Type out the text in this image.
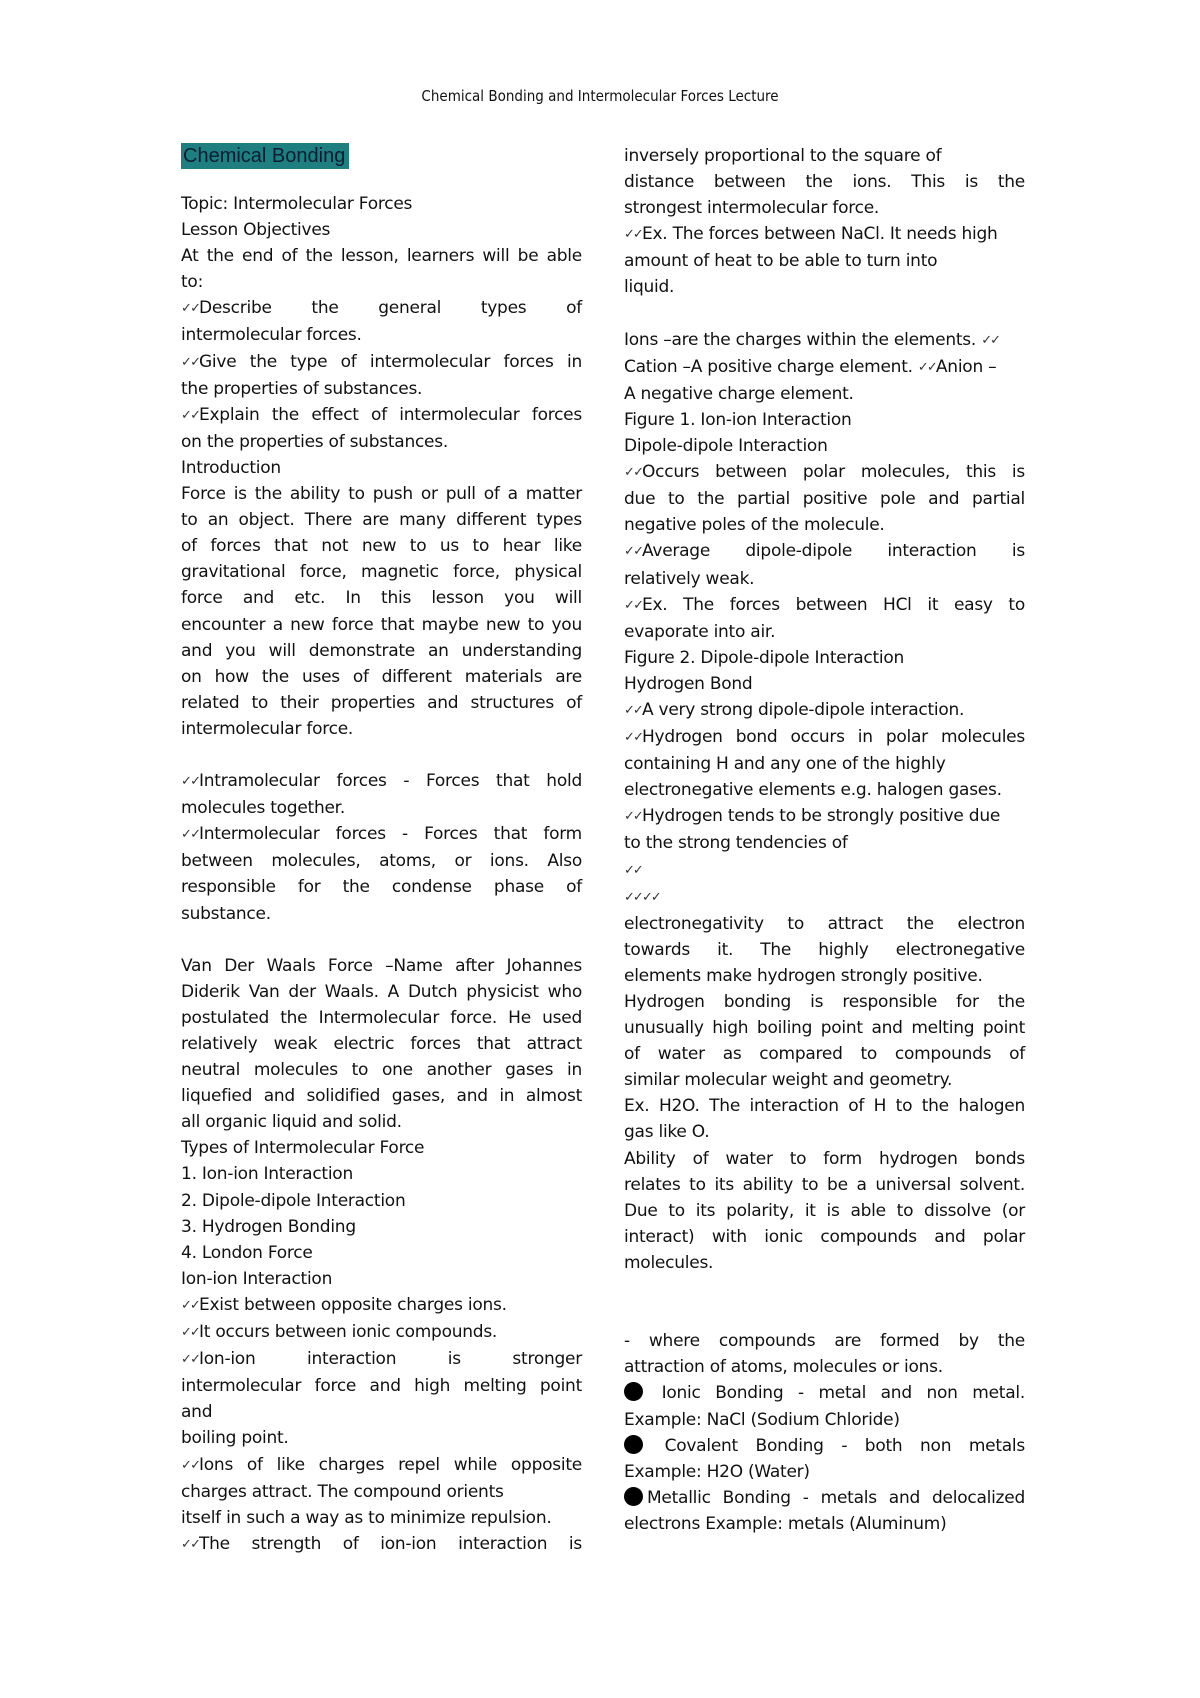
Chemical Bonding and Intermolecular Forces Lecture
Chemical Bonding

Topic: Intermolecular Forces

Lesson Objectives

At the end of the lesson, learners will be able

to:

✓✓Describe the general types of

intermolecular forces.

✓✓Give the type of intermolecular forces in

the properties of substances.

✓✓Explain the effect of intermolecular forces

on the properties of substances.

Introduction

Force is the ability to push or pull of a matter

to an object. There are many different types

of forces that not new to us to hear like

gravitational force, magnetic force, physical

force and etc. In this lesson you will

encounter a new force that maybe new to you

and you will demonstrate an understanding

on how the uses of different materials are

related to their properties and structures of

intermolecular force.

✓✓Intramolecular forces - Forces that hold

molecules together.

✓✓Intermolecular forces - Forces that form

between molecules, atoms, or ions. Also

responsible for the condense phase of

substance.

Van Der Waals Force –Name after Johannes

Diderik Van der Waals. A Dutch physicist who

postulated the Intermolecular force. He used

relatively weak electric forces that attract

neutral molecules to one another gases in

liquefied and solidified gases, and in almost

all organic liquid and solid.

Types of Intermolecular Force

1. Ion-ion Interaction

2. Dipole-dipole Interaction

3. Hydrogen Bonding

4. London Force

Ion-ion Interaction

✓✓Exist between opposite charges ions.

✓✓It occurs between ionic compounds.

✓✓Ion-ion interaction is stronger

intermolecular force and high melting point

and

boiling point.

✓✓Ions of like charges repel while opposite

charges attract. The compound orients

itself in such a way as to minimize repulsion.

✓✓The strength of ion-ion interaction is

inversely proportional to the square of

distance between the ions. This is the

strongest intermolecular force.

✓✓Ex. The forces between NaCl. It needs high

amount of heat to be able to turn into

liquid.

Ions –are the charges within the elements. ✓✓

Cation –A positive charge element. ✓✓Anion –

A negative charge element.

Figure 1. Ion-ion Interaction

Dipole-dipole Interaction

✓✓Occurs between polar molecules, this is

due to the partial positive pole and partial

negative poles of the molecule.

✓✓Average dipole-dipole interaction is

relatively weak.

✓✓Ex. The forces between HCl it easy to

evaporate into air.

Figure 2. Dipole-dipole Interaction

Hydrogen Bond

✓✓A very strong dipole-dipole interaction.

✓✓Hydrogen bond occurs in polar molecules

containing H and any one of the highly

electronegative elements e.g. halogen gases.

✓✓Hydrogen tends to be strongly positive due

to the strong tendencies of

✓✓

✓✓✓✓

electronegativity to attract the electron

towards it. The highly electronegative

elements make hydrogen strongly positive.

Hydrogen bonding is responsible for the

unusually high boiling point and melting point

of water as compared to compounds of

similar molecular weight and geometry.

Ex. H2O. The interaction of H to the halogen

gas like O.

Ability of water to form hydrogen bonds

relates to its ability to be a universal solvent.

Due to its polarity, it is able to dissolve (or

interact) with ionic compounds and polar

molecules.

- where compounds are formed by the

attraction of atoms, molecules or ions.

Ionic Bonding - metal and non metal.

Example: NaCl (Sodium Chloride)

Covalent Bonding - both non metals

Example: H2O (Water)

Metallic Bonding - metals and delocalized

electrons Example: metals (Aluminum)
